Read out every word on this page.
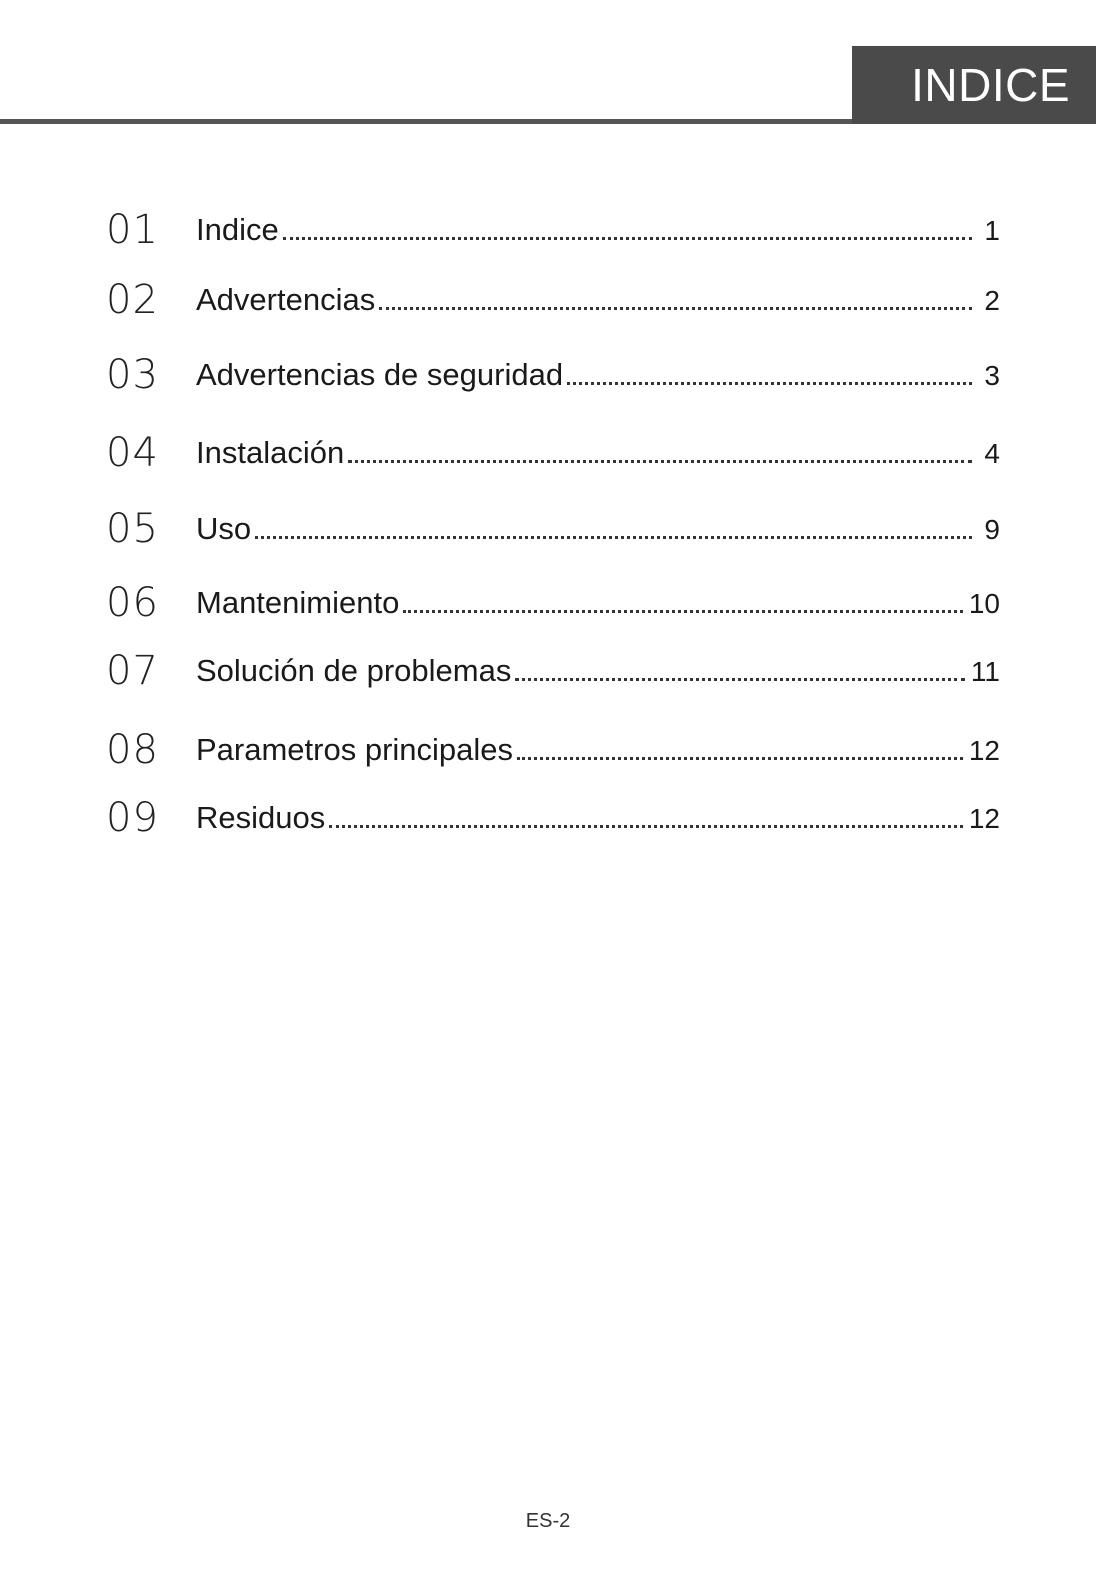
INDICE
01 Indice	1
02 Advertencias	2
03 Advertencias de seguridad	3
04 Instalación	4
05 Uso	9
06 Mantenimiento	10
07 Solución de problemas	11
08 Parametros principales	12
09 Residuos	12
ES-2
